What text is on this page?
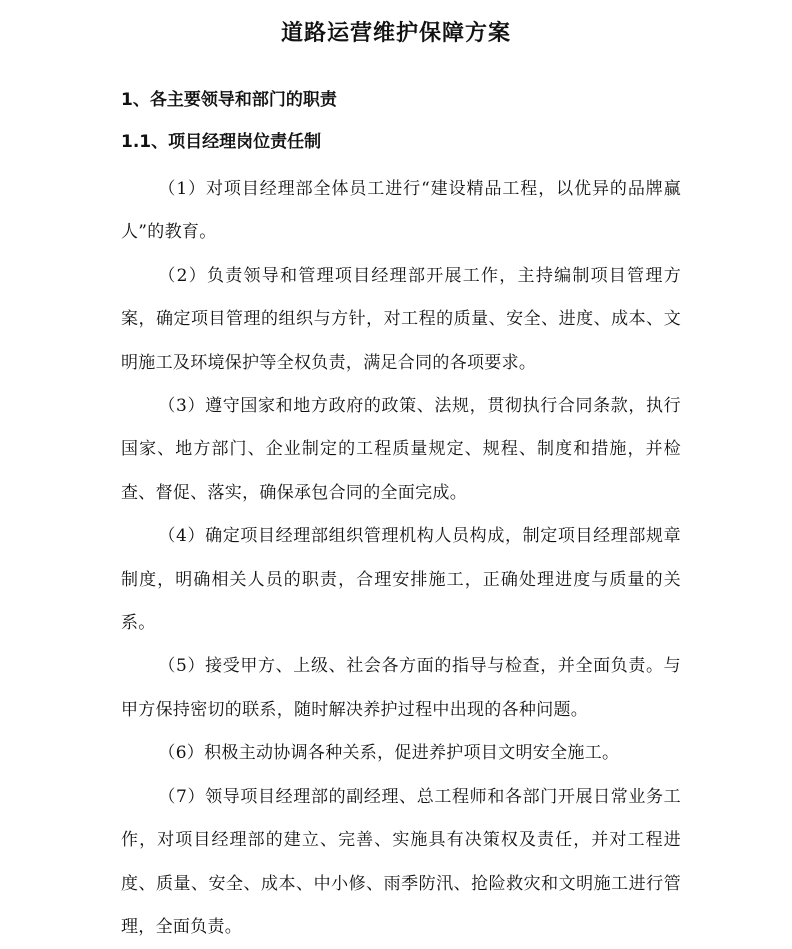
道路运营维护保障方案
1、各主要领导和部门的职责
1.1、项目经理岗位责任制

（1）对项目经理部全体员工进行“建设精品工程，以优异的品牌赢人”的教育。

（2）负责领导和管理项目经理部开展工作，主持编制项目管理方案，确定项目管理的组织与方针，对工程的质量、安全、进度、成本、文明施工及环境保护等全权负责，满足合同的各项要求。

（3）遵守国家和地方政府的政策、法规，贯彻执行合同条款，执行国家、地方部门、企业制定的工程质量规定、规程、制度和措施，并检查、督促、落实，确保承包合同的全面完成。

（4）确定项目经理部组织管理机构人员构成，制定项目经理部规章制度，明确相关人员的职责，合理安排施工，正确处理进度与质量的关系。

（5）接受甲方、上级、社会各方面的指导与检查，并全面负责。与甲方保持密切的联系，随时解决养护过程中出现的各种问题。

（6）积极主动协调各种关系，促进养护项目文明安全施工。

（7）领导项目经理部的副经理、总工程师和各部门开展日常业务工作，对项目经理部的建立、完善、实施具有决策权及责任，并对工程进度、质量、安全、成本、中小修、雨季防汛、抢险救灾和文明施工进行管理，全面负责。
